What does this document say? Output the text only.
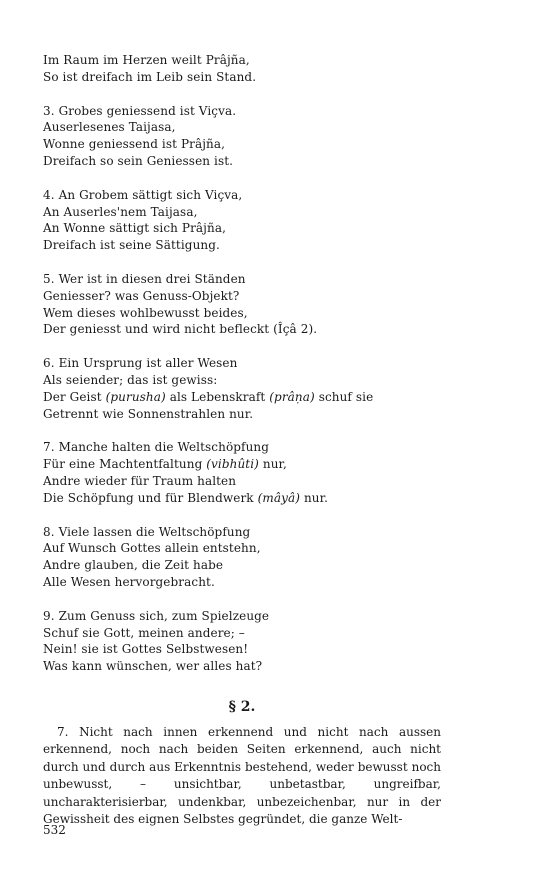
Im Raum im Herzen weilt Prâjña,
So ist dreifach im Leib sein Stand.
3. Grobes geniessend ist Viçva.
Auserlesenes Taijasa,
Wonne geniessend ist Prâjña,
Dreifach so sein Geniessen ist.
4. An Grobem sättigt sich Viçva,
An Auserles'nem Taijasa,
An Wonne sättigt sich Prâjña,
Dreifach ist seine Sättigung.
5. Wer ist in diesen drei Ständen
Geniesser? was Genuss-Objekt?
Wem dieses wohlbewusst beides,
Der geniesst und wird nicht befleckt (Îçâ 2).
6. Ein Ursprung ist aller Wesen
Als seiender; das ist gewiss:
Der Geist (purusha) als Lebenskraft (prâṇa) schuf sie
Getrennt wie Sonnenstrahlen nur.
7. Manche halten die Weltschöpfung
Für eine Machtentfaltung (vibhûti) nur,
Andre wieder für Traum halten
Die Schöpfung und für Blendwerk (mâyâ) nur.
8. Viele lassen die Weltschöpfung
Auf Wunsch Gottes allein entstehn,
Andre glauben, die Zeit habe
Alle Wesen hervorgebracht.
9. Zum Genuss sich, zum Spielzeuge
Schuf sie Gott, meinen andere; –
Nein! sie ist Gottes Selbstwesen!
Was kann wünschen, wer alles hat?
§ 2.

7. Nicht nach innen erkennend und nicht nach aussen erkennend, noch nach beiden Seiten erkennend, auch nicht durch und durch aus Erkenntnis bestehend, weder bewusst noch unbewusst, – unsichtbar, unbetastbar, ungreifbar, uncharakterisierbar, undenkbar, unbezeichenbar, nur in der Gewissheit des eignen Selbstes gegründet, die ganze Welt-

532
